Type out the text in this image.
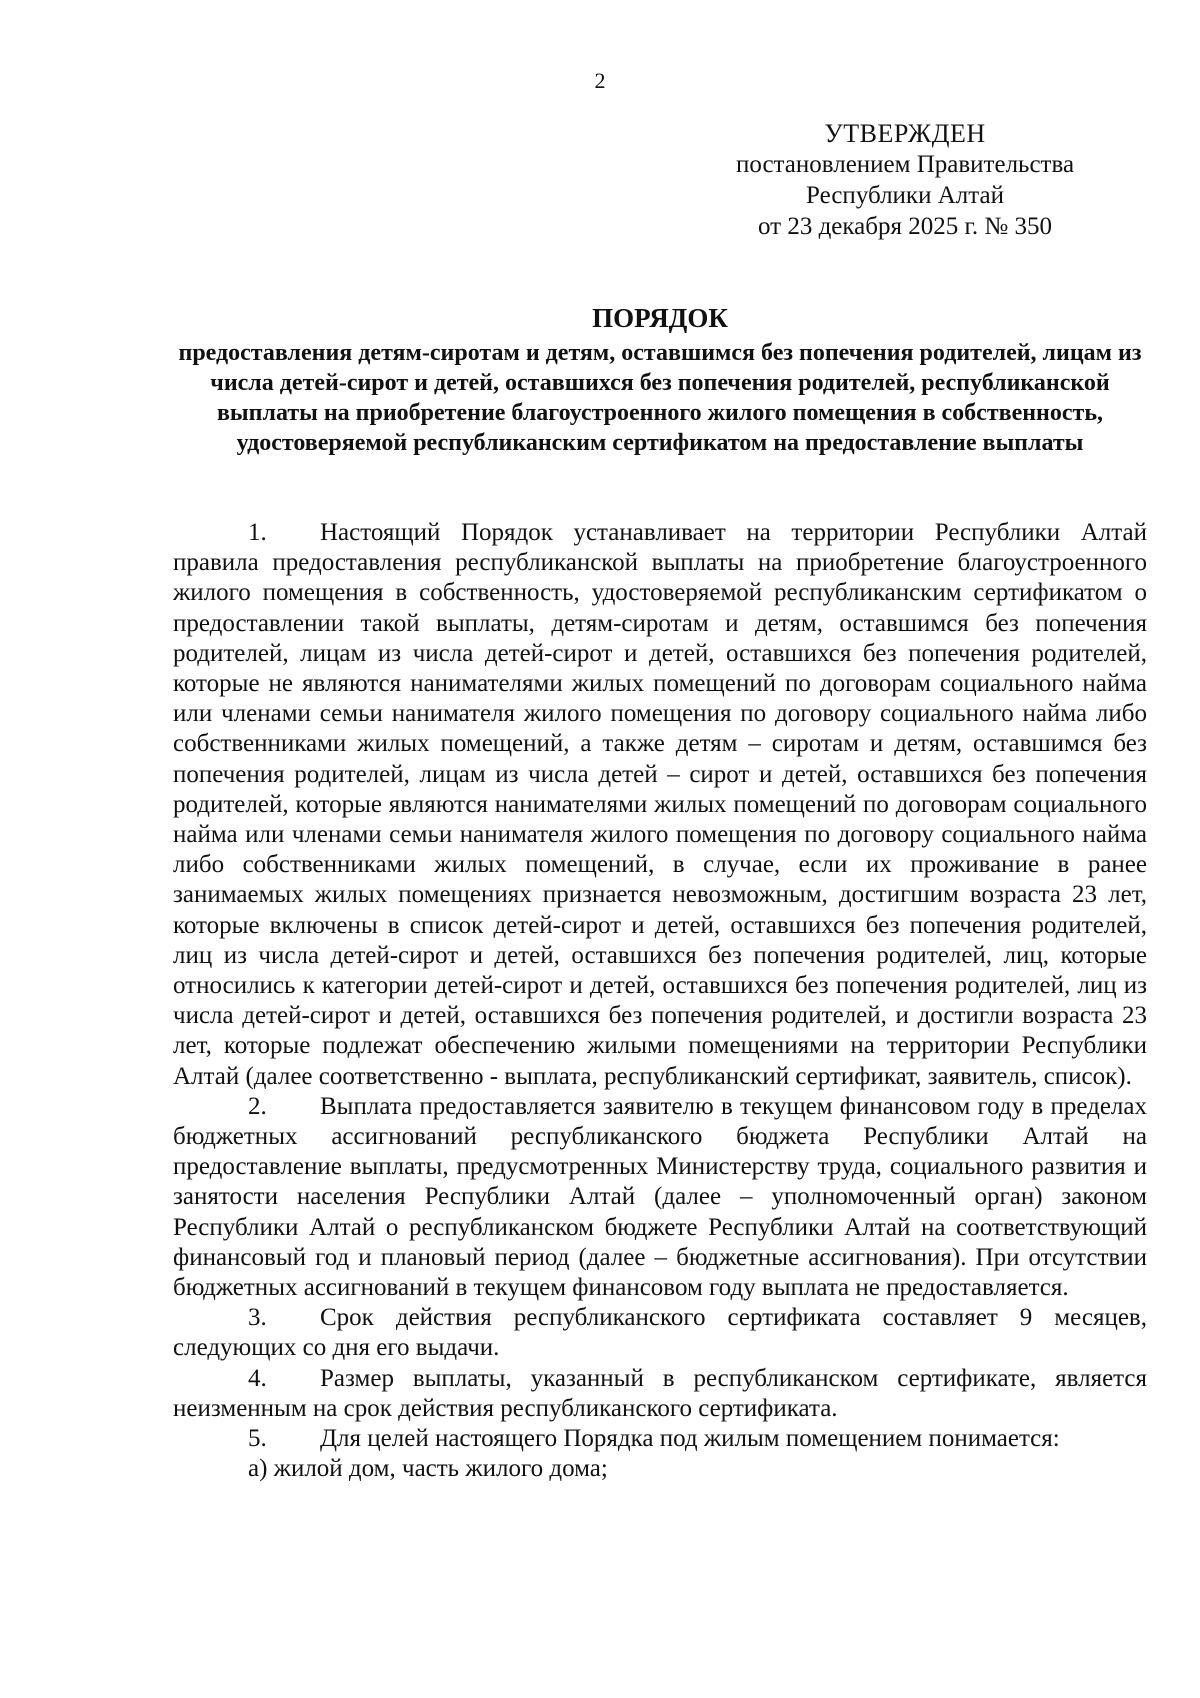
2
УТВЕРЖДЕН
постановлением Правительства
Республики Алтай
от 23 декабря 2025 г. № 350
ПОРЯДОК
предоставления детям-сиротам и детям, оставшимся без попечения родителей, лицам из числа детей-сирот и детей, оставшихся без попечения родителей, республиканской выплаты на приобретение благоустроенного жилого помещения в собственность, удостоверяемой республиканским сертификатом на предоставление выплаты

1. Настоящий Порядок устанавливает на территории Республики Алтай правила предоставления республиканской выплаты на приобретение благоустроенного жилого помещения в собственность, удостоверяемой республиканским сертификатом о предоставлении такой выплаты, детям-сиротам и детям, оставшимся без попечения родителей, лицам из числа детей-сирот и детей, оставшихся без попечения родителей, которые не являются нанимателями жилых помещений по договорам социального найма или членами семьи нанимателя жилого помещения по договору социального найма либо собственниками жилых помещений, а также детям – сиротам и детям, оставшимся без попечения родителей, лицам из числа детей – сирот и детей, оставшихся без попечения родителей, которые являются нанимателями жилых помещений по договорам социального найма или членами семьи нанимателя жилого помещения по договору социального найма либо собственниками жилых помещений, в случае, если их проживание в ранее занимаемых жилых помещениях признается невозможным, достигшим возраста 23 лет, которые включены в список детей-сирот и детей, оставшихся без попечения родителей, лиц из числа детей-сирот и детей, оставшихся без попечения родителей, лиц, которые относились к категории детей-сирот и детей, оставшихся без попечения родителей, лиц из числа детей-сирот и детей, оставшихся без попечения родителей, и достигли возраста 23 лет, которые подлежат обеспечению жилыми помещениями на территории Республики Алтай (далее соответственно - выплата, республиканский сертификат, заявитель, список).

2. Выплата предоставляется заявителю в текущем финансовом году в пределах бюджетных ассигнований республиканского бюджета Республики Алтай на предоставление выплаты, предусмотренных Министерству труда, социального развития и занятости населения Республики Алтай (далее – уполномоченный орган) законом Республики Алтай о республиканском бюджете Республики Алтай на соответствующий финансовый год и плановый период (далее – бюджетные ассигнования). При отсутствии бюджетных ассигнований в текущем финансовом году выплата не предоставляется.

3. Срок действия республиканского сертификата составляет 9 месяцев, следующих со дня его выдачи.

4. Размер выплаты, указанный в республиканском сертификате, является неизменным на срок действия республиканского сертификата.

5. Для целей настоящего Порядка под жилым помещением понимается:

а) жилой дом, часть жилого дома;
